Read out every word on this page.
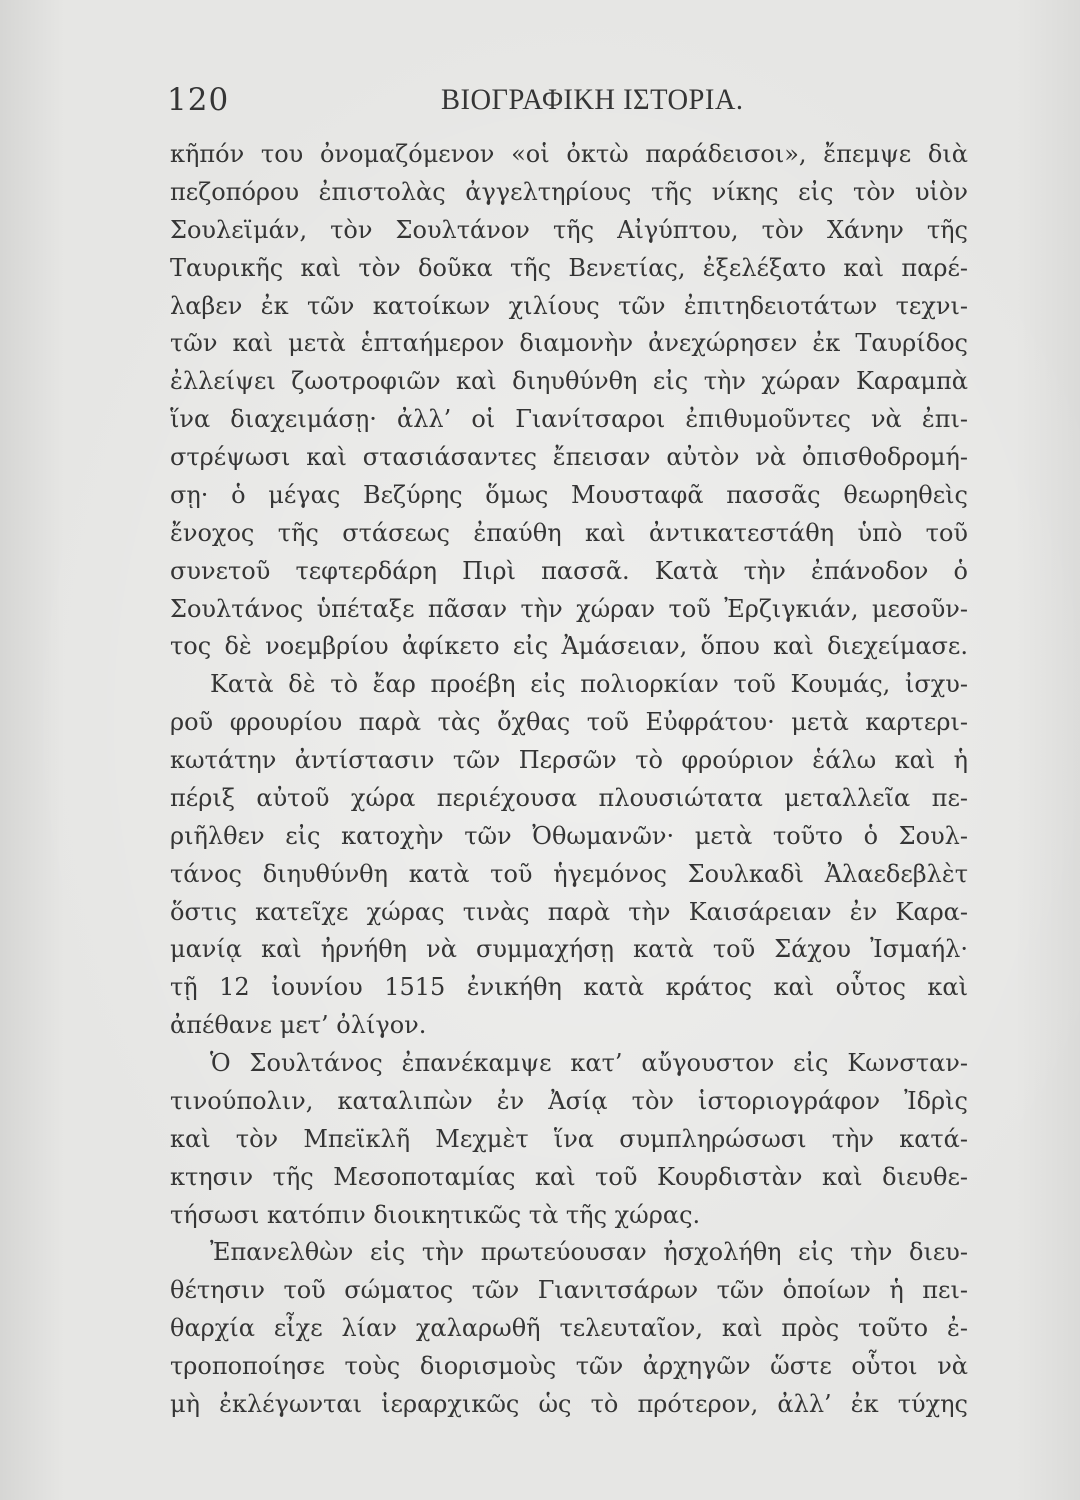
120	ΒΙΟΓΡΑΦΙΚΗ ΙΣΤΟΡΙΑ.
κῆπόν του ὀνομαζόμενον «οἱ ὀκτὼ παράδεισοι», ἔπεμψε διὰ
πεζοπόρου ἐπιστολὰς ἀγγελτηρίους τῆς νίκης εἰς τὸν υἱὸν
Σουλεϊμάν, τὸν Σουλτάνον τῆς Αἰγύπτου, τὸν Χάνην τῆς
Ταυρικῆς καὶ τὸν δοῦκα τῆς Βενετίας, ἐξελέξατο καὶ παρέ-
λαβεν ἐκ τῶν κατοίκων χιλίους τῶν ἐπιτηδειοτάτων τεχνι-
τῶν καὶ μετὰ ἑπταήμερον διαμονὴν ἀνεχώρησεν ἐκ Ταυρίδος
ἐλλείψει ζωοτροφιῶν καὶ διηυθύνθη εἰς τὴν χώραν Καραμπὰ
ἵνα διαχειμάσῃ· ἀλλ’ οἱ Γιανίτσαροι ἐπιθυμοῦντες νὰ ἐπι-
στρέψωσι καὶ στασιάσαντες ἔπεισαν αὐτὸν νὰ ὀπισθοδρομή-
σῃ· ὁ μέγας Βεζύρης ὅμως Μουσταφᾶ πασσᾶς θεωρηθεὶς
ἔνοχος τῆς στάσεως ἐπαύθη καὶ ἀντικατεστάθη ὑπὸ τοῦ
συνετοῦ τεφτερδάρη Πιρὶ πασσᾶ. Κατὰ τὴν ἐπάνοδον ὁ
Σουλτάνος ὑπέταξε πᾶσαν τὴν χώραν τοῦ Ἐρζιγκιάν, μεσοῦν-
τος δὲ νοεμβρίου ἀφίκετο εἰς Ἀμάσειαν, ὅπου καὶ διεχείμασε.
Κατὰ δὲ τὸ ἔαρ προέβη εἰς πολιορκίαν τοῦ Κουμάς, ἰσχυ-
ροῦ φρουρίου παρὰ τὰς ὄχθας τοῦ Εὐφράτου· μετὰ καρτερι-
κωτάτην ἀντίστασιν τῶν Περσῶν τὸ φρούριον ἑάλω καὶ ἡ
πέριξ αὐτοῦ χώρα περιέχουσα πλουσιώτατα μεταλλεῖα πε-
ριῆλθεν εἰς κατοχὴν τῶν Ὀθωμανῶν· μετὰ τοῦτο ὁ Σουλ-
τάνος διηυθύνθη κατὰ τοῦ ἡγεμόνος Σουλκαδὶ Ἀλαεδεβλὲτ
ὅστις κατεῖχε χώρας τινὰς παρὰ τὴν Καισάρειαν ἐν Καρα-
μανίᾳ καὶ ἠρνήθη νὰ συμμαχήσῃ κατὰ τοῦ Σάχου Ἰσμαήλ·
τῇ 12 ἰουνίου 1515 ἐνικήθη κατὰ κράτος καὶ οὗτος καὶ
ἀπέθανε μετ’ ὀλίγον.
Ὁ Σουλτάνος ἐπανέκαμψε κατ’ αὔγουστον εἰς Κωνσταν-
τινούπολιν, καταλιπὼν ἐν Ἀσίᾳ τὸν ἱστοριογράφον Ἰδρὶς
καὶ τὸν Μπεϊκλῆ Μεχμὲτ ἵνα συμπληρώσωσι τὴν κατά-
κτησιν τῆς Μεσοποταμίας καὶ τοῦ Κουρδιστὰν καὶ διευθε-
τήσωσι κατόπιν διοικητικῶς τὰ τῆς χώρας.
Ἐπανελθὼν εἰς τὴν πρωτεύουσαν ἠσχολήθη εἰς τὴν διευ-
θέτησιν τοῦ σώματος τῶν Γιανιτσάρων τῶν ὁποίων ἡ πει-
θαρχία εἶχε λίαν χαλαρωθῆ τελευταῖον, καὶ πρὸς τοῦτο ἐ-
τροποποίησε τοὺς διορισμοὺς τῶν ἀρχηγῶν ὥστε οὗτοι νὰ
μὴ ἐκλέγωνται ἱεραρχικῶς ὡς τὸ πρότερον, ἀλλ’ ἐκ τύχης
